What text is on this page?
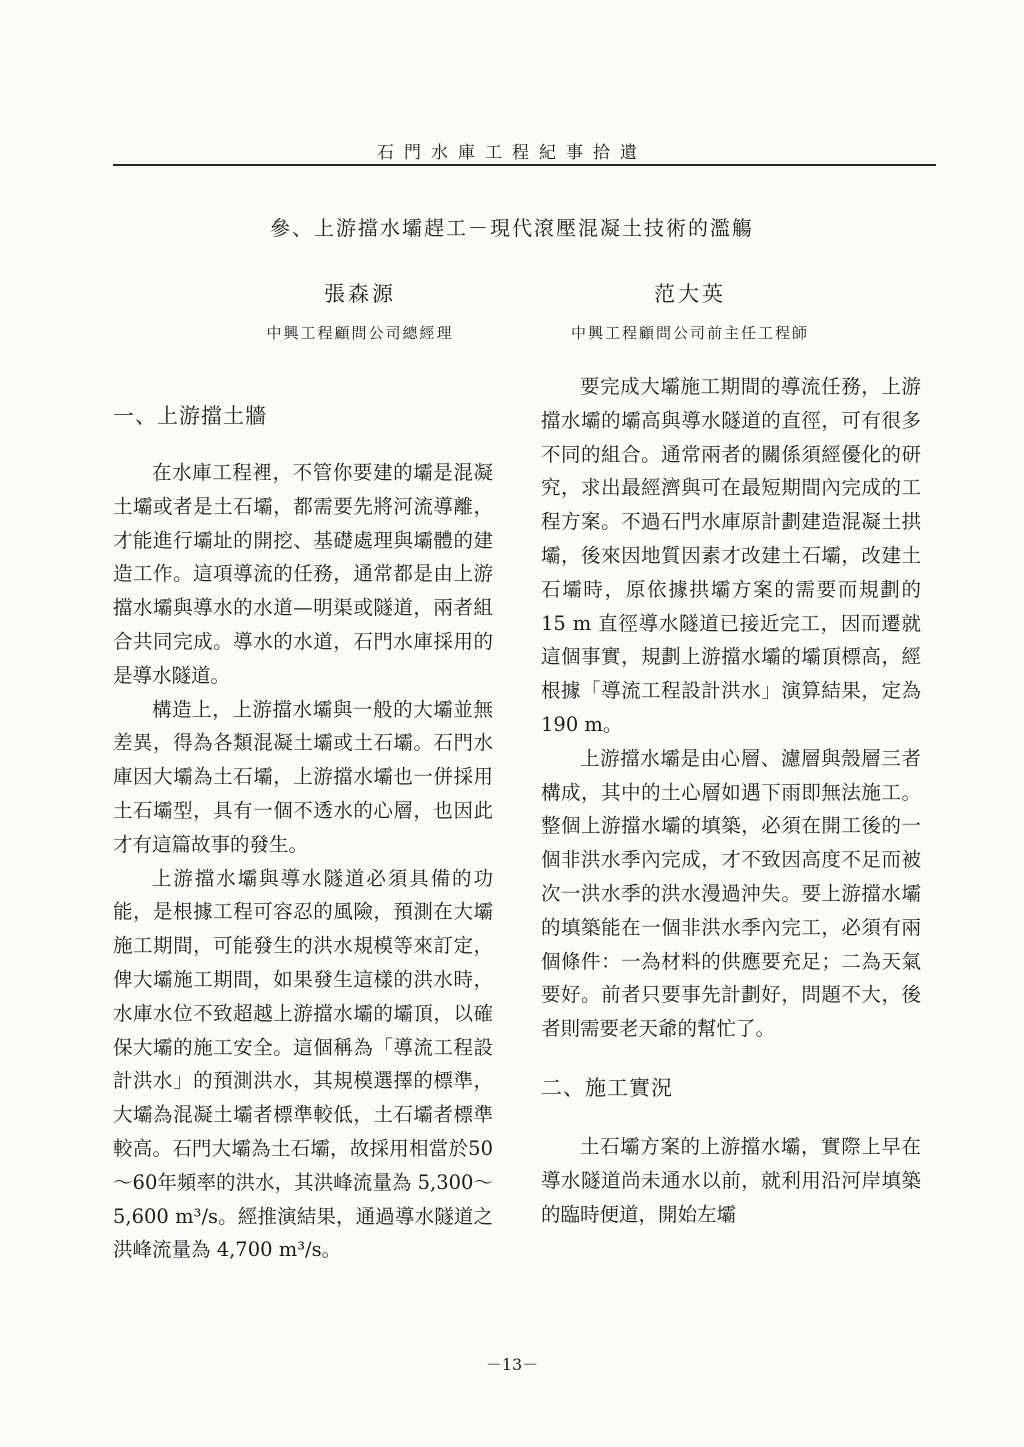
石門水庫工程紀事拾遺
參、上游擋水壩趕工－現代滾壓混凝土技術的濫觴
張森源
中興工程顧問公司總經理
范大英
中興工程顧問公司前主任工程師
一、上游擋土牆

在水庫工程裡，不管你要建的壩是混凝土壩或者是土石壩，都需要先將河流導離，才能進行壩址的開挖、基礎處理與壩體的建造工作。這項導流的任務，通常都是由上游擋水壩與導水的水道—明渠或隧道，兩者組合共同完成。導水的水道，石門水庫採用的是導水隧道。

構造上，上游擋水壩與一般的大壩並無差異，得為各類混凝土壩或土石壩。石門水庫因大壩為土石壩，上游擋水壩也一併採用土石壩型，具有一個不透水的心層，也因此才有這篇故事的發生。

上游擋水壩與導水隧道必須具備的功能，是根據工程可容忍的風險，預測在大壩施工期間，可能發生的洪水規模等來訂定，俾大壩施工期間，如果發生這樣的洪水時，水庫水位不致超越上游擋水壩的壩頂，以確保大壩的施工安全。這個稱為「導流工程設計洪水」的預測洪水，其規模選擇的標準，大壩為混凝土壩者標準較低，土石壩者標準較高。石門大壩為土石壩，故採用相當於50～60年頻率的洪水，其洪峰流量為 5,300～5,600 m³/s。經推演結果，通過導水隧道之洪峰流量為 4,700 m³/s。

要完成大壩施工期間的導流任務，上游擋水壩的壩高與導水隧道的直徑，可有很多不同的組合。通常兩者的關係須經優化的研究，求出最經濟與可在最短期間內完成的工程方案。不過石門水庫原計劃建造混凝土拱壩，後來因地質因素才改建土石壩，改建土石壩時，原依據拱壩方案的需要而規劃的 15 m 直徑導水隧道已接近完工，因而遷就這個事實，規劃上游擋水壩的壩頂標高，經根據「導流工程設計洪水」演算結果，定為 190 m。

上游擋水壩是由心層、濾層與殼層三者構成，其中的土心層如遇下雨即無法施工。整個上游擋水壩的填築，必須在開工後的一個非洪水季內完成，才不致因高度不足而被次一洪水季的洪水漫過沖失。要上游擋水壩的填築能在一個非洪水季內完工，必須有兩個條件：一為材料的供應要充足；二為天氣要好。前者只要事先計劃好，問題不大，後者則需要老天爺的幫忙了。

二、施工實況

土石壩方案的上游擋水壩，實際上早在導水隧道尚未通水以前，就利用沿河岸填築的臨時便道，開始左壩

－13－
